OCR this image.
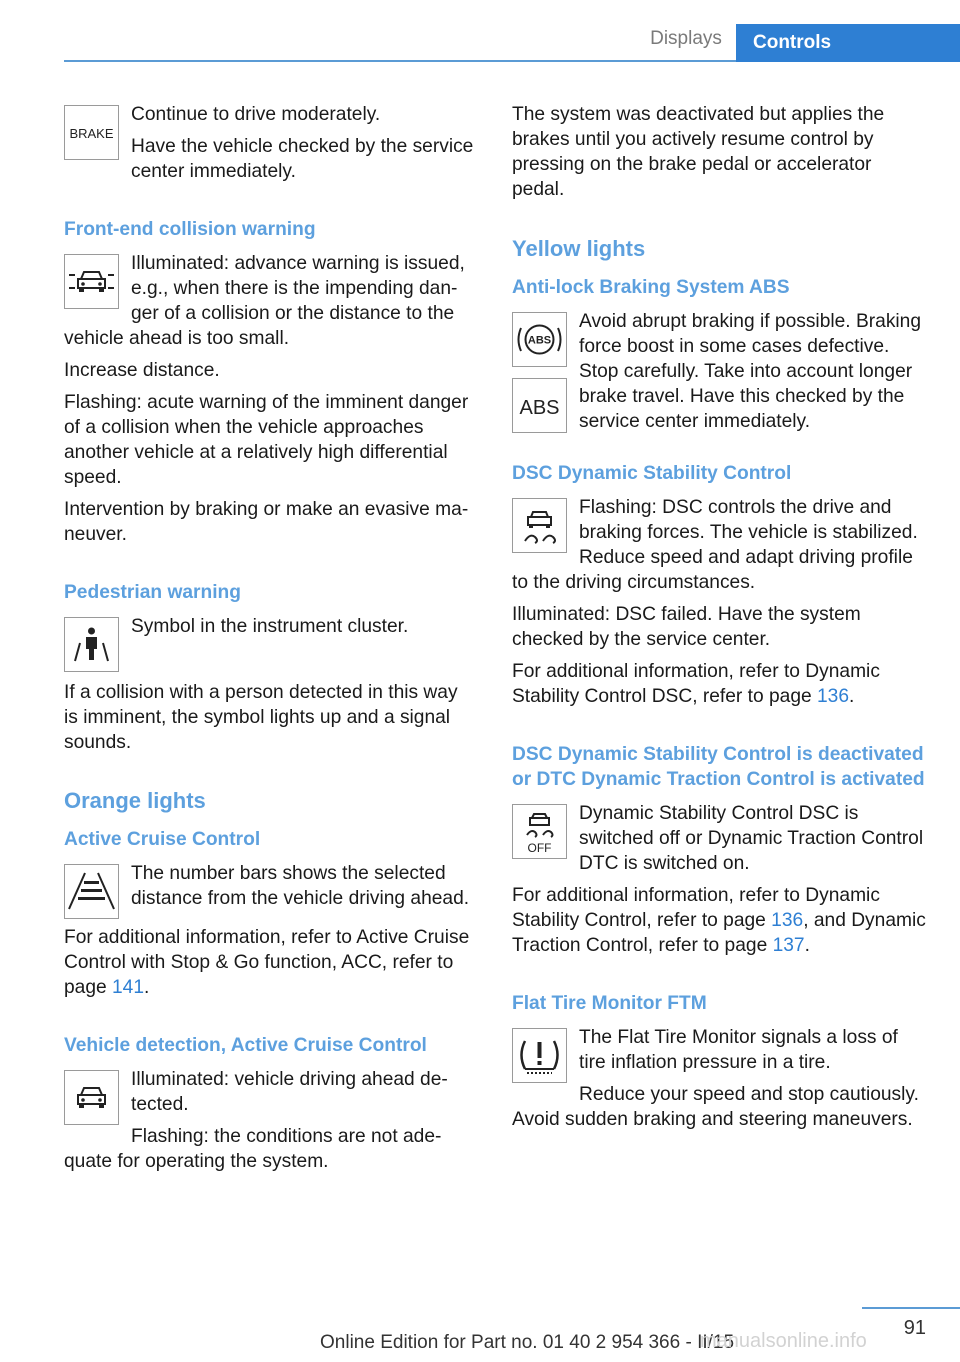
Displays	Controls
BRAKE

Continue to drive moderately.

Have the vehicle checked by the service center immediately.

Front-end collision warning

Illuminated: advance warning is issued, e.g., when there is the impending danger of a collision or the distance to the vehicle ahead is too small.

Increase distance.

Flashing: acute warning of the imminent danger of a collision when the vehicle approaches another vehicle at a relatively high differential speed.

Intervention by braking or make an evasive maneuver.

Pedestrian warning

Symbol in the instrument cluster.

If a collision with a person detected in this way is imminent, the symbol lights up and a signal sounds.

Orange lights
Active Cruise Control

The number bars shows the selected distance from the vehicle driving ahead.

For additional information, refer to Active Cruise Control with Stop & Go function, ACC, refer to page 141.

Vehicle detection, Active Cruise Control

Illuminated: vehicle driving ahead detected.

Flashing: the conditions are not adequate for operating the system.

The system was deactivated but applies the brakes until you actively resume control by pressing on the brake pedal or accelerator pedal.

Yellow lights
Anti-lock Braking System ABS
ABS
ABS

Avoid abrupt braking if possible. Braking force boost in some cases defective. Stop carefully. Take into account longer brake travel. Have this checked by the service center immediately.

DSC Dynamic Stability Control

Flashing: DSC controls the drive and braking forces. The vehicle is stabilized. Reduce speed and adapt driving profile to the driving circumstances.

Illuminated: DSC failed. Have the system checked by the service center.

For additional information, refer to Dynamic Stability Control DSC, refer to page 136.

DSC Dynamic Stability Control is deactivated or DTC Dynamic Traction Control is activated
OFF

Dynamic Stability Control DSC is switched off or Dynamic Traction Control DTC is switched on.

For additional information, refer to Dynamic Stability Control, refer to page 136, and Dynamic Traction Control, refer to page 137.

Flat Tire Monitor FTM

The Flat Tire Monitor signals a loss of tire inflation pressure in a tire.

Reduce your speed and stop cautiously. Avoid sudden braking and steering maneuvers.

91
Online Edition for Part no. 01 40 2 954 366 - II/15
manualsonline.info
